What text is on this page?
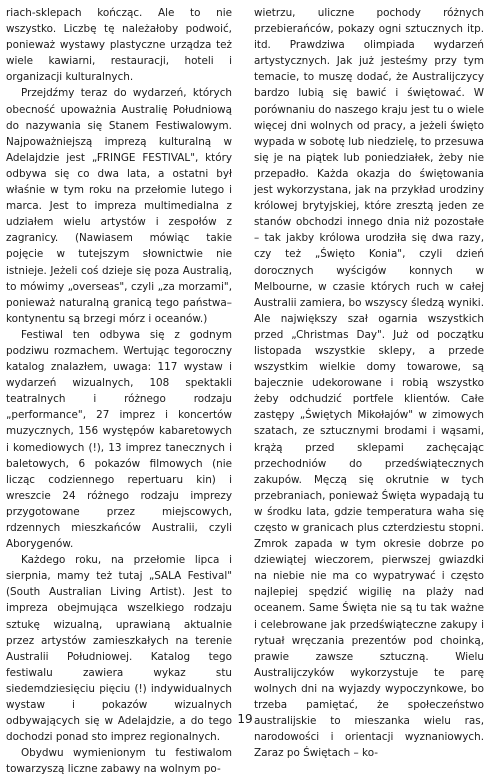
riach-sklepach kończąc. Ale to nie wszystko. Liczbę tę należałoby podwoić, ponieważ wystawy plastyczne urządza też wiele kawiarni, restauracji, hoteli i organizacji kulturalnych.

Przejdźmy teraz do wydarzeń, których obecność upoważnia Australię Południową do nazywania się Stanem Festiwalowym. Najpoważniejszą imprezą kulturalną w Adelajdzie jest „FRINGE FESTIVAL", który odbywa się co dwa lata, a ostatni był właśnie w tym roku na przełomie lutego i marca. Jest to impreza multimedialna z udziałem wielu artystów i zespołów z zagranicy. (Nawiasem mówiąc takie pojęcie w tutejszym słownictwie nie istnieje. Jeżeli coś dzieje się poza Australią, to mówimy „overseas", czyli „za morzami", ponieważ naturalną granicą tego państwa–kontynentu są brzegi mórz i oceanów.)

Festiwal ten odbywa się z godnym podziwu rozmachem. Wertując tegoroczny katalog znalazłem, uwaga: 117 wystaw i wydarzeń wizualnych, 108 spektakli teatralnych i różnego rodzaju „performance", 27 imprez i koncertów muzycznych, 156 występów kabaretowych i komediowych (!), 13 imprez tanecznych i baletowych, 6 pokazów filmowych (nie licząc codziennego repertuaru kin) i wreszcie 24 różnego rodzaju imprezy przygotowane przez miejscowych, rdzennych mieszkańców Australii, czyli Aborygenów.

Każdego roku, na przełomie lipca i sierpnia, mamy też tutaj „SALA Festival" (South Australian Living Artist). Jest to impreza obejmująca wszelkiego rodzaju sztukę wizualną, uprawianą aktualnie przez artystów zamieszkałych na terenie Australii Południowej. Katalog tego festiwalu zawiera wykaz stu siedemdziesięciu pięciu (!) indywidualnych wystaw i pokazów wizualnych odbywających się w Adelajdzie, a do tego dochodzi ponad sto imprez regionalnych.

Obydwu wymienionym tu festiwalom towarzyszą liczne zabawy na wolnym po-

wietrzu, uliczne pochody różnych przebierańców, pokazy ogni sztucznych itp. itd. Prawdziwa olimpiada wydarzeń artystycznych. Jak już jesteśmy przy tym temacie, to muszę dodać, że Australijczycy bardzo lubią się bawić i świętować. W porównaniu do naszego kraju jest tu o wiele więcej dni wolnych od pracy, a jeżeli święto wypada w sobotę lub niedzielę, to przesuwa się je na piątek lub poniedziałek, żeby nie przepadło. Każda okazja do świętowania jest wykorzystana, jak na przykład urodziny królowej brytyjskiej, które zresztą jeden ze stanów obchodzi innego dnia niż pozostałe – tak jakby królowa urodziła się dwa razy, czy też „Święto Konia", czyli dzień dorocznych wyścigów konnych w Melbourne, w czasie których ruch w całej Australii zamiera, bo wszyscy śledzą wyniki. Ale największy szał ogarnia wszystkich przed „Christmas Day". Już od początku listopada wszystkie sklepy, a przede wszystkim wielkie domy towarowe, są bajecznie udekorowane i robią wszystko żeby odchudzić portfele klientów. Całe zastępy „Świętych Mikołajów" w zimowych szatach, ze sztucznymi brodami i wąsami, krążą przed sklepami zachęcając przechodniów do przedświątecznych zakupów. Męczą się okrutnie w tych przebraniach, ponieważ Święta wypadają tu w środku lata, gdzie temperatura waha się często w granicach plus czterdziestu stopni. Zmrok zapada w tym okresie dobrze po dziewiątej wieczorem, pierwszej gwiazdki na niebie nie ma co wypatrywać i często najlepiej spędzić wigilię na plaży nad oceanem. Same Święta nie są tu tak ważne i celebrowane jak przedświąteczne zakupy i rytuał wręczania prezentów pod choinką, prawie zawsze sztuczną. Wielu Australijczyków wykorzystuje te parę wolnych dni na wyjazdy wypoczynkowe, bo trzeba pamiętać, że społeczeństwo australijskie to mieszanka wielu ras, narodowości i orientacji wyznaniowych. Zaraz po Świętach – ko-

19
